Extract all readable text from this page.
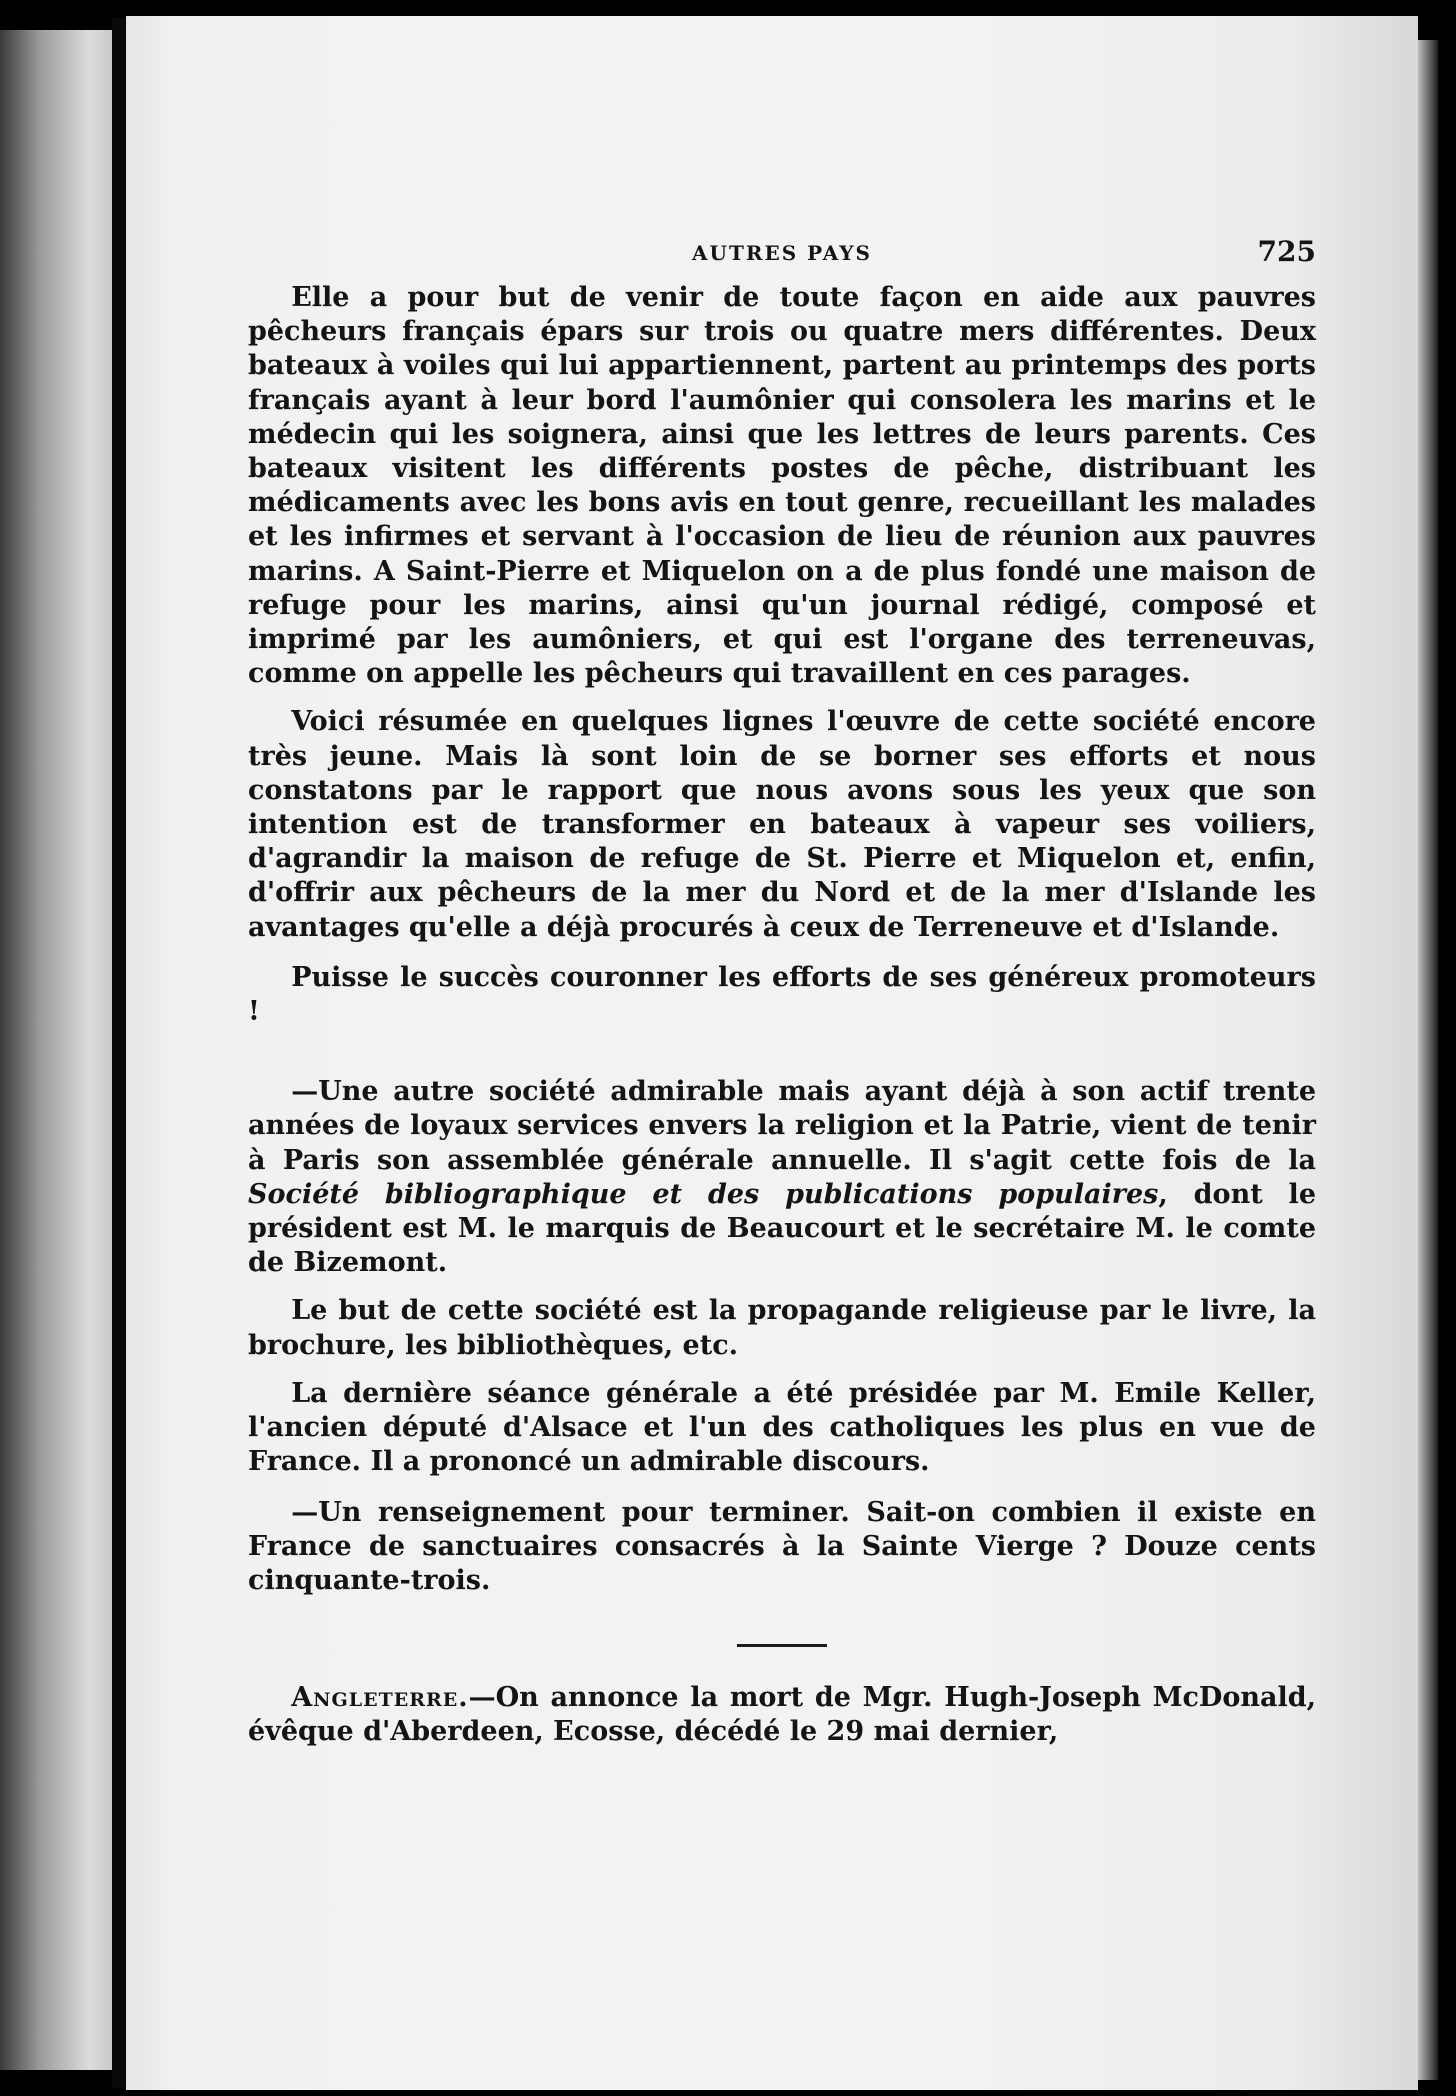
AUTRES PAYS	725

Elle a pour but de venir de toute façon en aide aux pauvres pêcheurs français épars sur trois ou quatre mers différentes. Deux bateaux à voiles qui lui appartiennent, partent au printemps des ports français ayant à leur bord l'aumônier qui consolera les marins et le médecin qui les soignera, ainsi que les lettres de leurs parents. Ces bateaux visitent les différents postes de pêche, distribuant les médicaments avec les bons avis en tout genre, recueillant les malades et les infirmes et servant à l'occasion de lieu de réunion aux pauvres marins. A Saint-Pierre et Miquelon on a de plus fondé une maison de refuge pour les marins, ainsi qu'un journal rédigé, composé et imprimé par les aumôniers, et qui est l'organe des terreneuvas, comme on appelle les pêcheurs qui travaillent en ces parages.

Voici résumée en quelques lignes l'œuvre de cette société encore très jeune. Mais là sont loin de se borner ses efforts et nous constatons par le rapport que nous avons sous les yeux que son intention est de transformer en bateaux à vapeur ses voiliers, d'agrandir la maison de refuge de St. Pierre et Miquelon et, enfin, d'offrir aux pêcheurs de la mer du Nord et de la mer d'Islande les avantages qu'elle a déjà procurés à ceux de Terreneuve et d'Islande.

Puisse le succès couronner les efforts de ses généreux promoteurs !

—Une autre société admirable mais ayant déjà à son actif trente années de loyaux services envers la religion et la Patrie, vient de tenir à Paris son assemblée générale annuelle. Il s'agit cette fois de la Société bibliographique et des publications populaires, dont le président est M. le marquis de Beaucourt et le secrétaire M. le comte de Bizemont.

Le but de cette société est la propagande religieuse par le livre, la brochure, les bibliothèques, etc.

La dernière séance générale a été présidée par M. Emile Keller, l'ancien député d'Alsace et l'un des catholiques les plus en vue de France. Il a prononcé un admirable discours.

—Un renseignement pour terminer. Sait-on combien il existe en France de sanctuaires consacrés à la Sainte Vierge ? Douze cents cinquante-trois.

Angleterre.—On annonce la mort de Mgr. Hugh-Joseph McDonald, évêque d'Aberdeen, Ecosse, décédé le 29 mai dernier,
